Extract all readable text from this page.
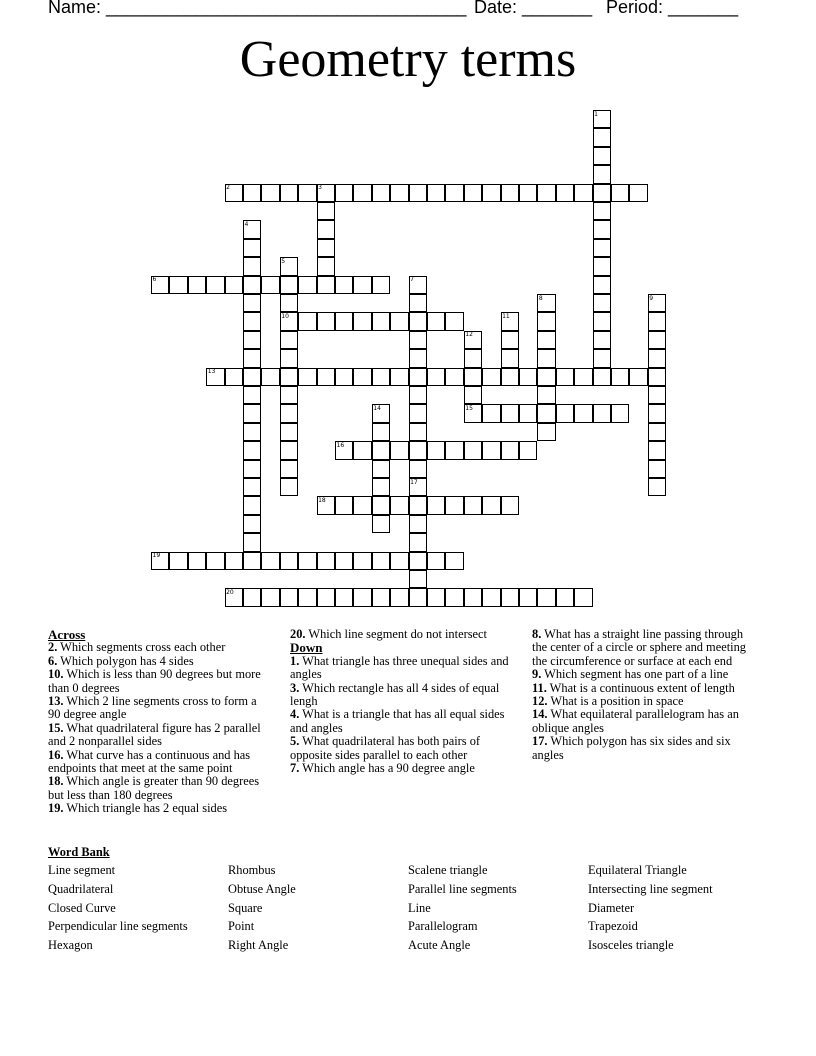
Name: ____________________________________ Date: _______ Period: _______
Geometry terms
1
2	3
4
5
6	7
8	9
10	11
12
13
14	15
16
17
18
19
20
Across
2. Which segments cross each other
6. Which polygon has 4 sides
10. Which is less than 90 degrees but more than 0 degrees
13. Which 2 line segments cross to form a 90 degree angle
15. What quadrilateral figure has 2 parallel and 2 nonparallel sides
16. What curve has a continuous and has endpoints that meet at the same point
18. Which angle is greater than 90 degrees but less than 180 degrees
19. Which triangle has 2 equal sides
20. Which line segment do not intersect
Down
1. What triangle has three unequal sides and angles
3. Which rectangle has all 4 sides of equal lengh
4. What is a triangle that has all equal sides and angles
5. What quadrilateral has both pairs of opposite sides parallel to each other
7. Which angle has a 90 degree angle
8. What has a straight line passing through the center of a circle or sphere and meeting the circumference or surface at each end
9. Which segment has one part of a line
11. What is a continuous extent of length
12. What is a position in space
14. What equilateral parallelogram has an oblique angles
17. Which polygon has six sides and six angles
Word Bank
Line segment
Quadrilateral
Closed Curve
Perpendicular line segments
Hexagon
Rhombus
Obtuse Angle
Square
Point
Right Angle
Scalene triangle
Parallel line segments
Line
Parallelogram
Acute Angle
Equilateral Triangle
Intersecting line segment
Diameter
Trapezoid
Isosceles triangle
